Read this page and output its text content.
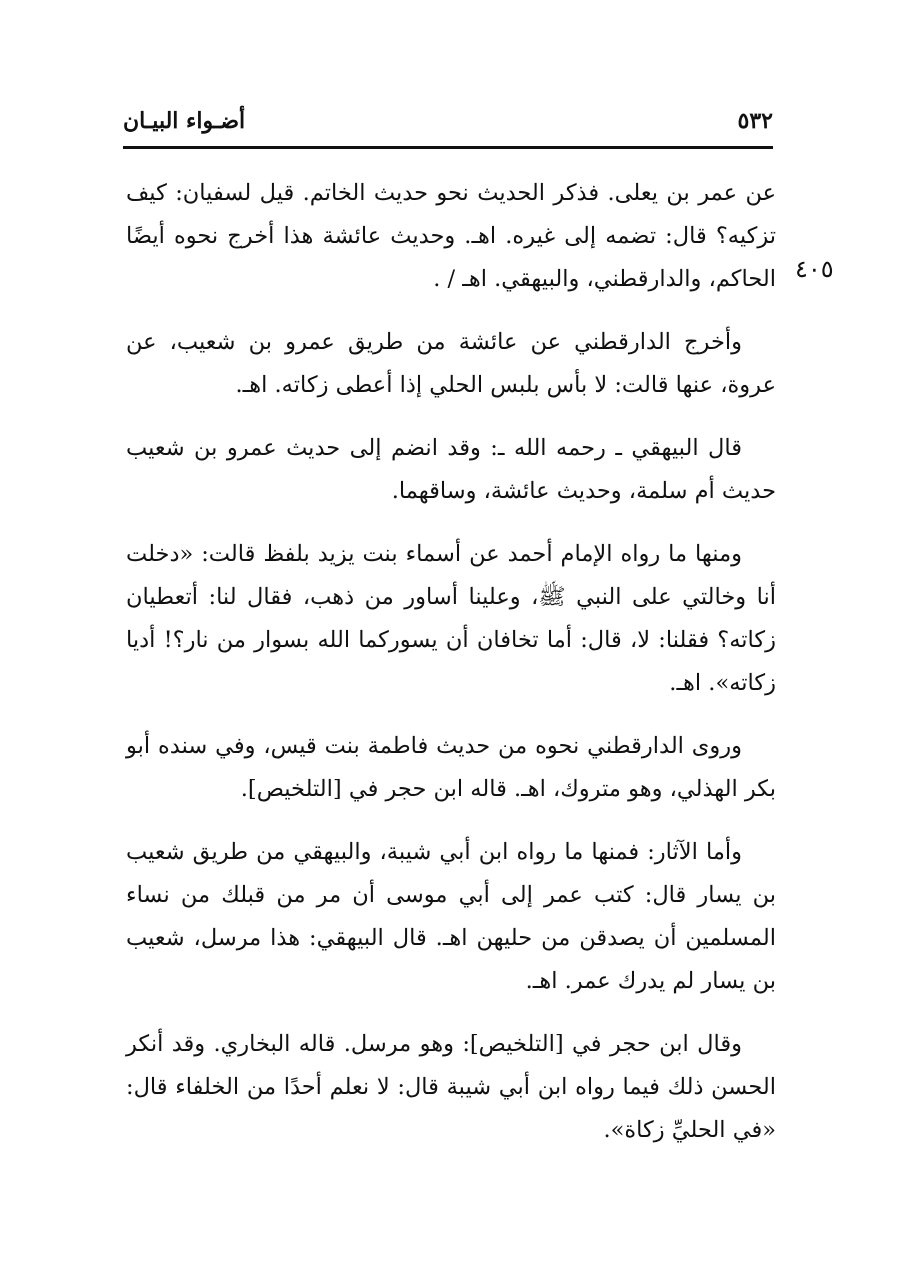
أضـواء البيـان	٥٣٢
٤٠٥

عن عمر بن يعلى. فذكر الحديث نحو حديث الخاتم. قيل لسفيان: كيف تزكيه؟ قال: تضمه إلى غيره. اهـ. وحديث عائشة هذا أخرج نحوه أيضًا الحاكم، والدارقطني، والبيهقي. اهـ / .

وأخرج الدارقطني عن عائشة من طريق عمرو بن شعيب، عن عروة، عنها قالت: لا بأس بلبس الحلي إذا أعطى زكاته. اهـ.

قال البيهقي ـ رحمه الله ـ: وقد انضم إلى حديث عمرو بن شعيب حديث أم سلمة، وحديث عائشة، وساقهما.

ومنها ما رواه الإمام أحمد عن أسماء بنت يزيد بلفظ قالت: «دخلت أنا وخالتي على النبي ﷺ، وعلينا أساور من ذهب، فقال لنا: أتعطيان زكاته؟ فقلنا: لا، قال: أما تخافان أن يسوركما الله بسوار من نار؟! أديا زكاته». اهـ.

وروى الدارقطني نحوه من حديث فاطمة بنت قيس، وفي سنده أبو بكر الهذلي، وهو متروك، اهـ. قاله ابن حجر في [التلخيص].

وأما الآثار: فمنها ما رواه ابن أبي شيبة، والبيهقي من طريق شعيب بن يسار قال: كتب عمر إلى أبي موسى أن مر من قبلك من نساء المسلمين أن يصدقن من حليهن اهـ. قال البيهقي: هذا مرسل، شعيب بن يسار لم يدرك عمر. اهـ.

وقال ابن حجر في [التلخيص]: وهو مرسل. قاله البخاري. وقد أنكر الحسن ذلك فيما رواه ابن أبي شيبة قال: لا نعلم أحدًا من الخلفاء قال: «في الحليِّ زكاة».
